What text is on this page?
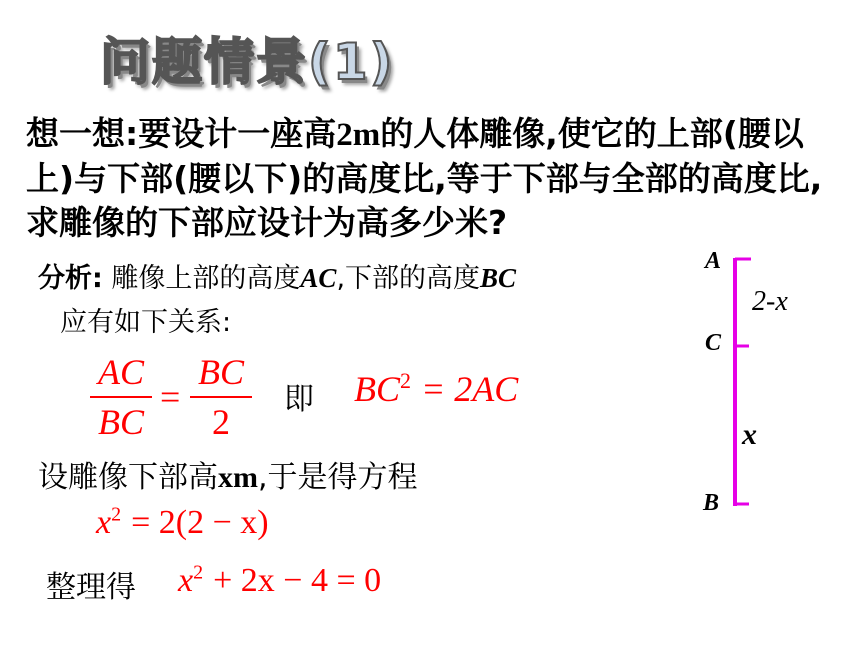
问题情景(1)
想一想:要设计一座高2m的人体雕像,使它的上部(腰以上)与下部(腰以下)的高度比,等于下部与全部的高度比,求雕像的下部应设计为高多少米?
分析: 雕像上部的高度AC,下部的高度BC
应有如下关系:
AC
BC
=
BC
2
即 $BC^2 = 2AC$
设雕像下部高xm,于是得方程
$x^2 = 2(2 - x)$
整理得 $x^2 + 2x - 4 = 0$
A
C
B
2-x
x
